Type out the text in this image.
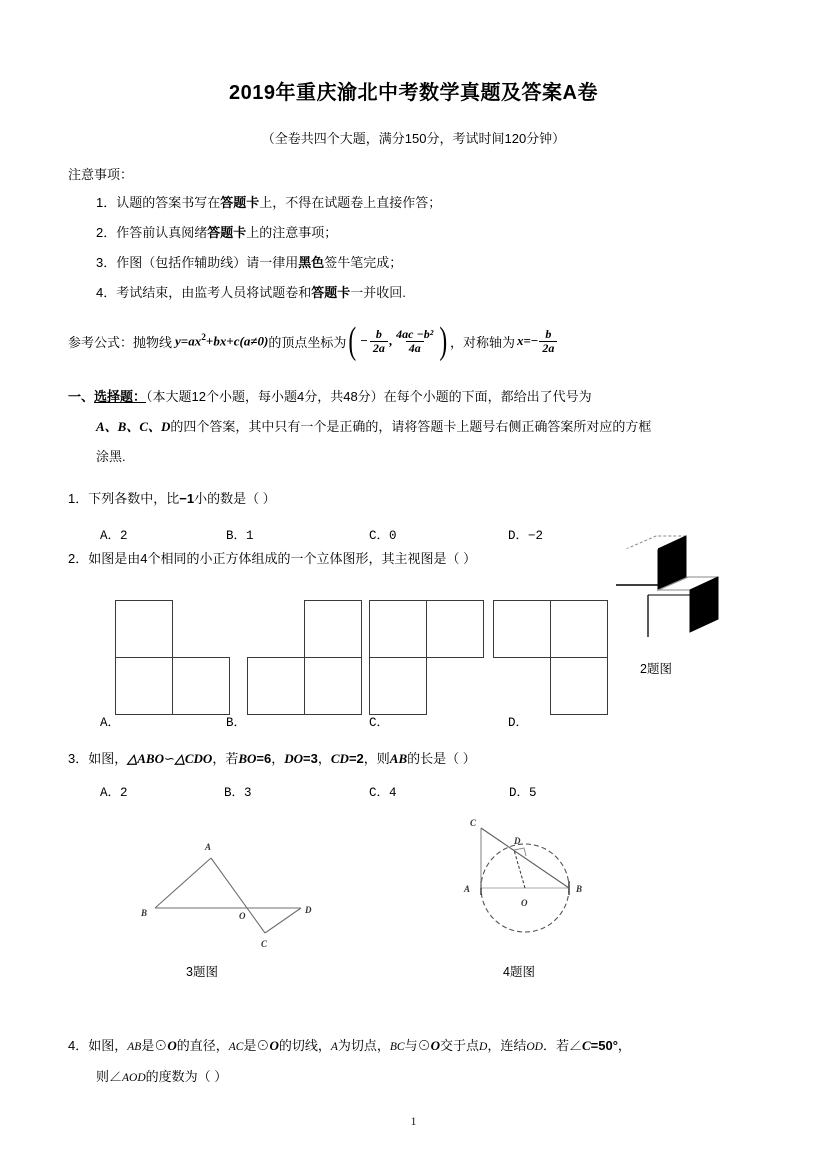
2019年重庆渝北中考数学真题及答案A卷
（全卷共四个大题，满分150分，考试时间120分钟）
注意事项：
1．认题的答案书写在答题卡上，不得在试题卷上直接作答；
2．作答前认真阅绪答题卡上的注意事项；
3．作图（包括作辅助线）请一律用黑色签牛笔完成；
4．考试结束，由监考人员将试题卷和答题卡一并收回.
参考公式：抛物线 $y=ax^2+bx+c(a\ne 0)$ 的顶点坐标为 ( − $\frac{b}{2a}$ , $\frac{\text{4ac −b²}}{4a}$ ) ，对称轴为 $x=- \frac{b}{2a}$
一、选择题：（本大题12个小题，每小题4分，共48分）在每个小题的下面，都给出了代号为
A、B、C、D的四个答案，其中只有一个是正确的，请将答题卡上题号右侧正确答案所对应的方框
涂黑.
1．下列各数中，比−1小的数是（ ）
A．2	B．1	C．0	D．−2
2．如图是由4个相同的小正方体组成的一个立体图形，其主视图是（ ）
2题图
A．	B．	C．	D．
3．如图，△ABO∽△CDO，若BO=6，DO=3，CD=2，则AB的长是（ ）
A．2	B．3	C．4	D．5
A
B	O
C
D
3题图
C
D
A	B
O
4题图
4．如图，AB是⊙O的直径，AC是⊙O的切线，A为切点，BC与⊙O交于点D，连结OD．若∠C=50°，
则∠AOD的度数为（ ）
1
